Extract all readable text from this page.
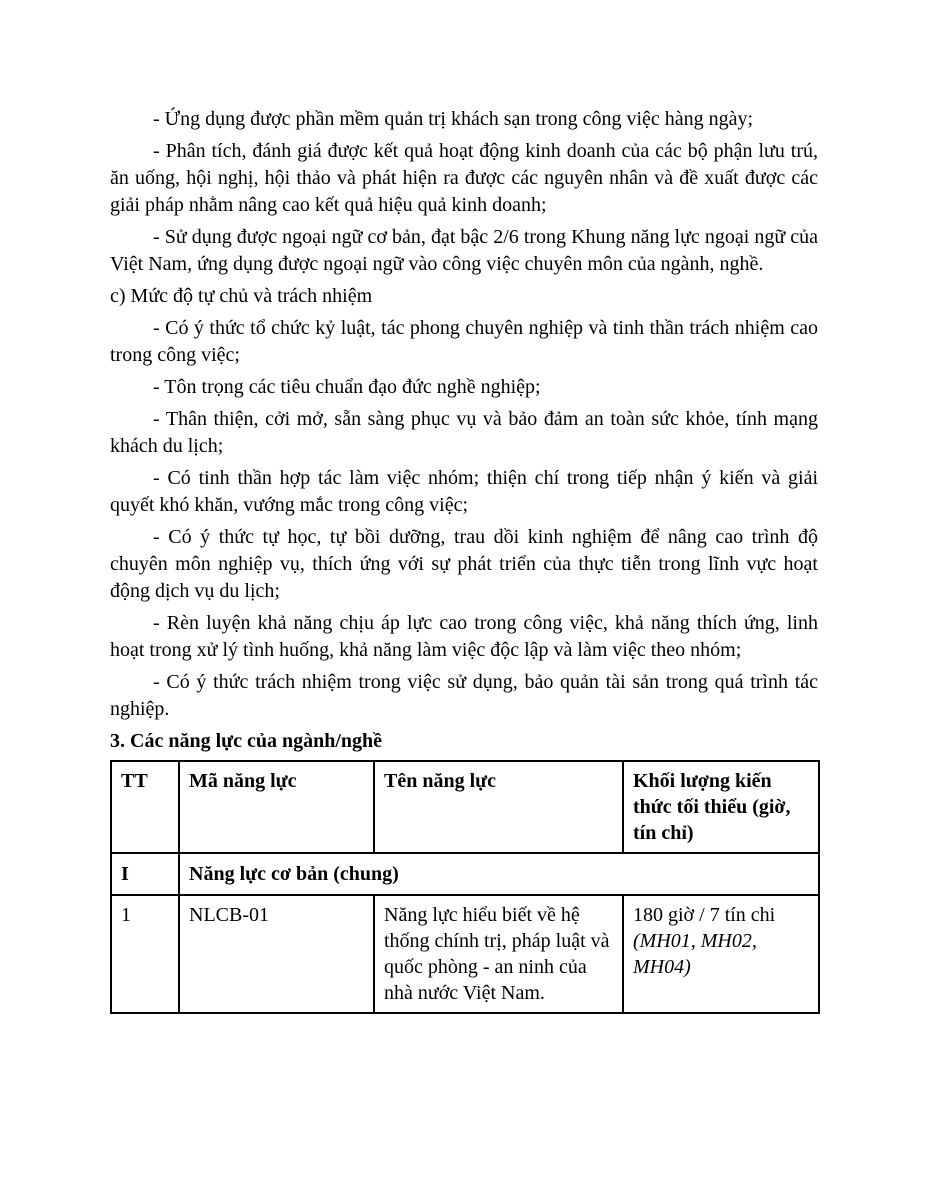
- Ứng dụng được phần mềm quản trị khách sạn trong công việc hàng ngày;

- Phân tích, đánh giá được kết quả hoạt động kinh doanh của các bộ phận lưu trú, ăn uống, hội nghị, hội thảo và phát hiện ra được các nguyên nhân và đề xuất được các giải pháp nhằm nâng cao kết quả hiệu quả kinh doanh;

- Sử dụng được ngoại ngữ cơ bản, đạt bậc 2/6 trong Khung năng lực ngoại ngữ của Việt Nam, ứng dụng được ngoại ngữ vào công việc chuyên môn của ngành, nghề.

c) Mức độ tự chủ và trách nhiệm

- Có ý thức tổ chức kỷ luật, tác phong chuyên nghiệp và tinh thần trách nhiệm cao trong công việc;

- Tôn trọng các tiêu chuẩn đạo đức nghề nghiệp;

- Thân thiện, cởi mở, sẵn sàng phục vụ và bảo đảm an toàn sức khỏe, tính mạng khách du lịch;

- Có tinh thần hợp tác làm việc nhóm; thiện chí trong tiếp nhận ý kiến và giải quyết khó khăn, vướng mắc trong công việc;

- Có ý thức tự học, tự bồi dưỡng, trau dồi kinh nghiệm để nâng cao trình độ chuyên môn nghiệp vụ, thích ứng với sự phát triển của thực tiễn trong lĩnh vực hoạt động dịch vụ du lịch;

- Rèn luyện khả năng chịu áp lực cao trong công việc, khả năng thích ứng, linh hoạt trong xử lý tình huống, khả năng làm việc độc lập và làm việc theo nhóm;

- Có ý thức trách nhiệm trong việc sử dụng, bảo quản tài sản trong quá trình tác nghiệp.

3. Các năng lực của ngành/nghề

TT	Mã năng lực	Tên năng lực	Khối lượng kiến thức tối thiểu (giờ, tín chỉ)
I	Năng lực cơ bản (chung)		
1	NLCB-01	Năng lực hiểu biết về hệ thống chính trị, pháp luật và quốc phòng - an ninh của nhà nước Việt Nam.	180 giờ / 7 tín chi
(MH01, MH02, MH04)
